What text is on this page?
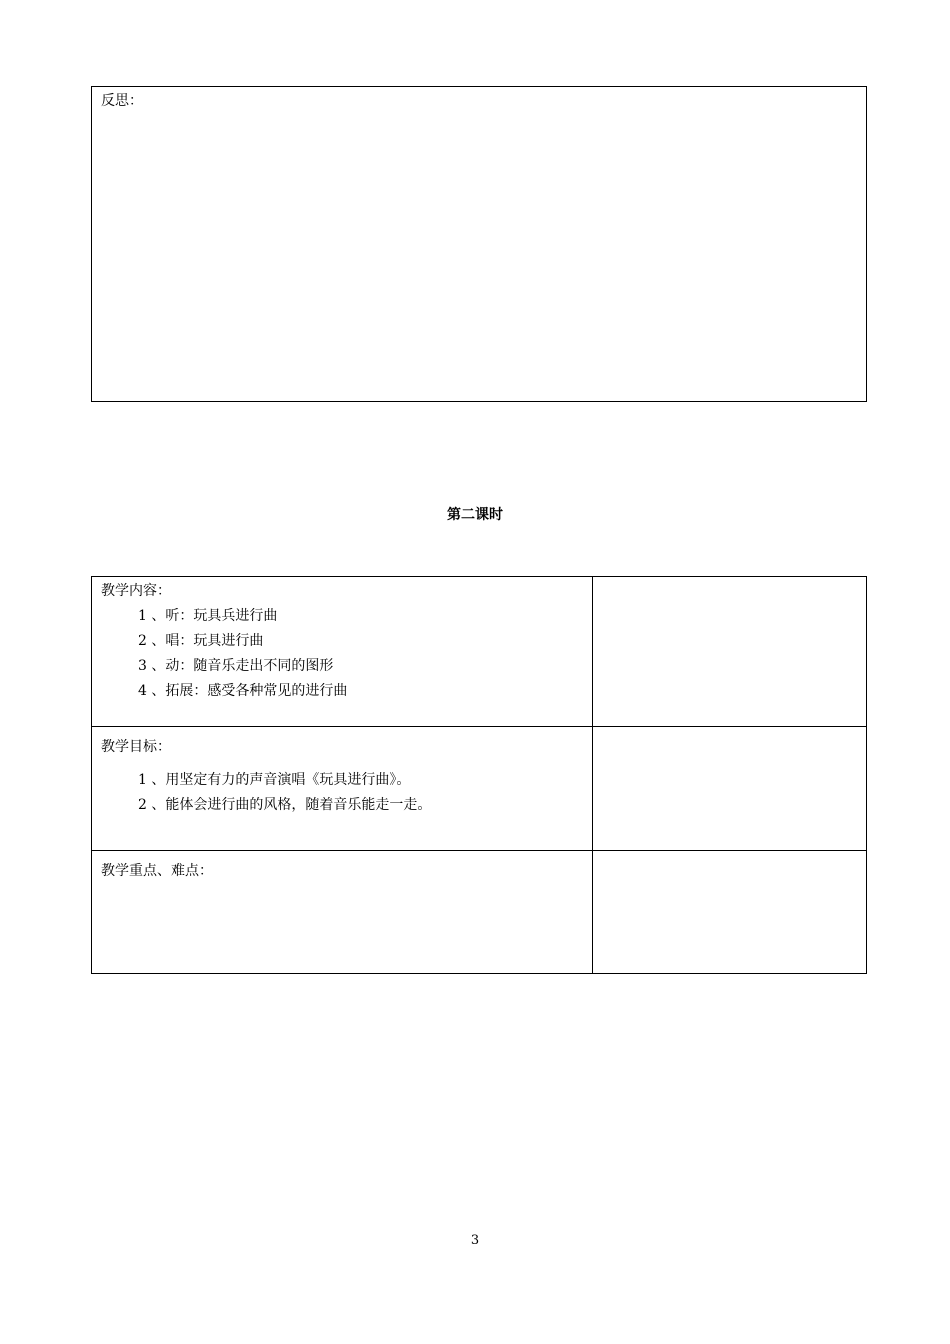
反思：
第二课时
教学内容：
1 、听：玩具兵进行曲
2 、唱：玩具进行曲
3 、动：随音乐走出不同的图形
4 、拓展：感受各种常见的进行曲
教学目标：
1 、用坚定有力的声音演唱《玩具进行曲》。
2 、能体会进行曲的风格，随着音乐能走一走。
教学重点、难点：
3
